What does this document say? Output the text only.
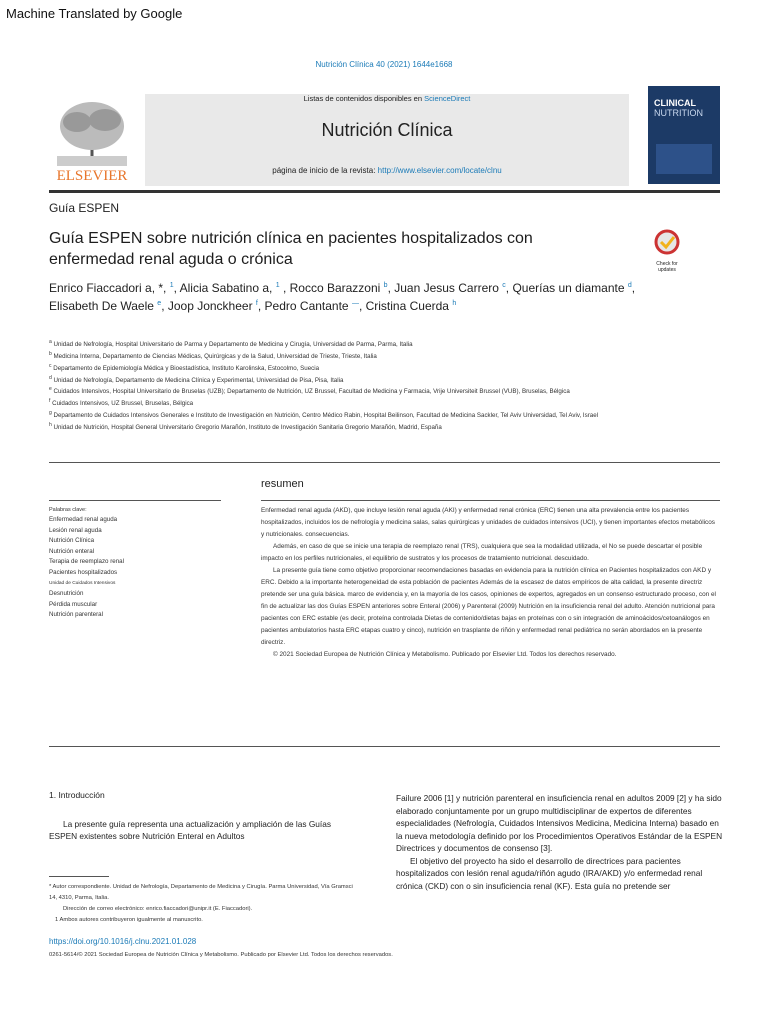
Machine Translated by Google
Nutrición Clínica 40 (2021) 1644e1668
ELSEVIER
Listas de contenidos disponibles en ScienceDirect
Nutrición Clínica
página de inicio de la revista: http://www.elsevier.com/locate/clnu
CLINICAL
NUTRITION
Guía ESPEN
Guía ESPEN sobre nutrición clínica en pacientes hospitalizados con enfermedad renal aguda o crónica	Check for updates
Enrico Fiaccadori a, *, $^1$, Alicia Sabatino a, $^1$ , Rocco Barazzoni $^b$, Juan Jesus Carrero $^c$, Querías un diamante $^d$, Elisabeth De Waele $^e$, Joop Jonckheer $^f$, Pedro Cantante —, Cristina Cuerda $^h$
$^a$ Unidad de Nefrología, Hospital Universitario de Parma y Departamento de Medicina y Cirugía, Universidad de Parma, Parma, Italia
$^b$ Medicina Interna, Departamento de Ciencias Médicas, Quirúrgicas y de la Salud, Universidad de Trieste, Trieste, Italia
$^c$ Departamento de Epidemiología Médica y Bioestadística, Instituto Karolinska, Estocolmo, Suecia
$^d$ Unidad de Nefrología, Departamento de Medicina Clínica y Experimental, Universidad de Pisa, Pisa, Italia
$^e$ Cuidados Intensivos, Hospital Universitario de Bruselas (UZB); Departamento de Nutrición, UZ Brussel, Facultad de Medicina y Farmacia, Vrije Universiteit Brussel (VUB), Bruselas, Bélgica
$^f$ Cuidados Intensivos, UZ Brussel, Bruselas, Bélgica
$^g$ Departamento de Cuidados Intensivos Generales e Instituto de Investigación en Nutrición, Centro Médico Rabin, Hospital Beilinson, Facultad de Medicina Sackler, Tel Aviv Universidad, Tel Aviv, Israel
$^h$ Unidad de Nutrición, Hospital General Universitario Gregorio Marañón, Instituto de Investigación Sanitaria Gregorio Marañón, Madrid, España
Palabras clave:
Enfermedad renal aguda
Lesión renal aguda
Nutrición Clínica
Nutrición enteral
Terapia de reemplazo renal
Pacientes hospitalizados
Unidad de Cuidados Intensivos
Desnutrición
Pérdida muscular
Nutrición parenteral
resumen

Enfermedad renal aguda (AKD), que incluye lesión renal aguda (AKI) y enfermedad renal crónica (ERC) tienen una alta prevalencia entre los pacientes hospitalizados, incluidos los de nefrología y medicina salas, salas quirúrgicas y unidades de cuidados intensivos (UCI), y tienen importantes efectos metabólicos y nutricionales. consecuencias.

Además, en caso de que se inicie una terapia de reemplazo renal (TRS), cualquiera que sea la modalidad utilizada, el No se puede descartar el posible impacto en los perfiles nutricionales, el equilibrio de sustratos y los procesos de tratamiento nutricional. descuidado.

La presente guía tiene como objetivo proporcionar recomendaciones basadas en evidencia para la nutrición clínica en Pacientes hospitalizados con AKD y ERC. Debido a la importante heterogeneidad de esta población de pacientes Además de la escasez de datos empíricos de alta calidad, la presente directriz pretende ser una guía básica. marco de evidencia y, en la mayoría de los casos, opiniones de expertos, agregados en un consenso estructurado proceso, con el fin de actualizar las dos Guías ESPEN anteriores sobre Enteral (2006) y Parenteral (2009) Nutrición en la insuficiencia renal del adulto. Atención nutricional para pacientes con ERC estable (es decir, proteína controlada Dietas de contenido/dietas bajas en proteínas con o sin integración de aminoácidos/cetoanálogos en pacientes ambulatorios hasta ERC etapas cuatro y cinco), nutrición en trasplante de riñón y enfermedad renal pediátrica no serán abordados en la presente directriz.

© 2021 Sociedad Europea de Nutrición Clínica y Metabolismo. Publicado por Elsevier Ltd. Todos los derechos reservado.

1. Introducción
La presente guía representa una actualización y ampliación de las Guías ESPEN existentes sobre Nutrición Enteral en Adultos
* Autor correspondiente. Unidad de Nefrología, Departamento de Medicina y Cirugía. Parma Universidad, Vía Gramsci 14, 4310, Parma, Italia.
Dirección de correo electrónico: enrico.fiaccadori@unipr.it (E. Fiaccadori).
1 Ambos autores contribuyeron igualmente al manuscrito.
Failure 2006 [1] y nutrición parenteral en insuficiencia renal en adultos 2009 [2] y ha sido elaborado conjuntamente por un grupo multidisciplinar de expertos de diferentes especialidades (Nefrología, Cuidados Intensivos Medicina, Medicina Interna) basado en la nueva metodología definido por los Procedimientos Operativos Estándar de la ESPEN Directrices y documentos de consenso [3].
El objetivo del proyecto ha sido el desarrollo de directrices para pacientes hospitalizados con lesión renal aguda/riñón agudo (IRA/AKD) y/o enfermedad renal crónica (CKD) con o sin insuficiencia renal (KF). Esta guía no pretende ser
https://doi.org/10.1016/j.clnu.2021.01.028
0261-5614/© 2021 Sociedad Europea de Nutrición Clínica y Metabolismo. Publicado por Elsevier Ltd. Todos los derechos reservados.
